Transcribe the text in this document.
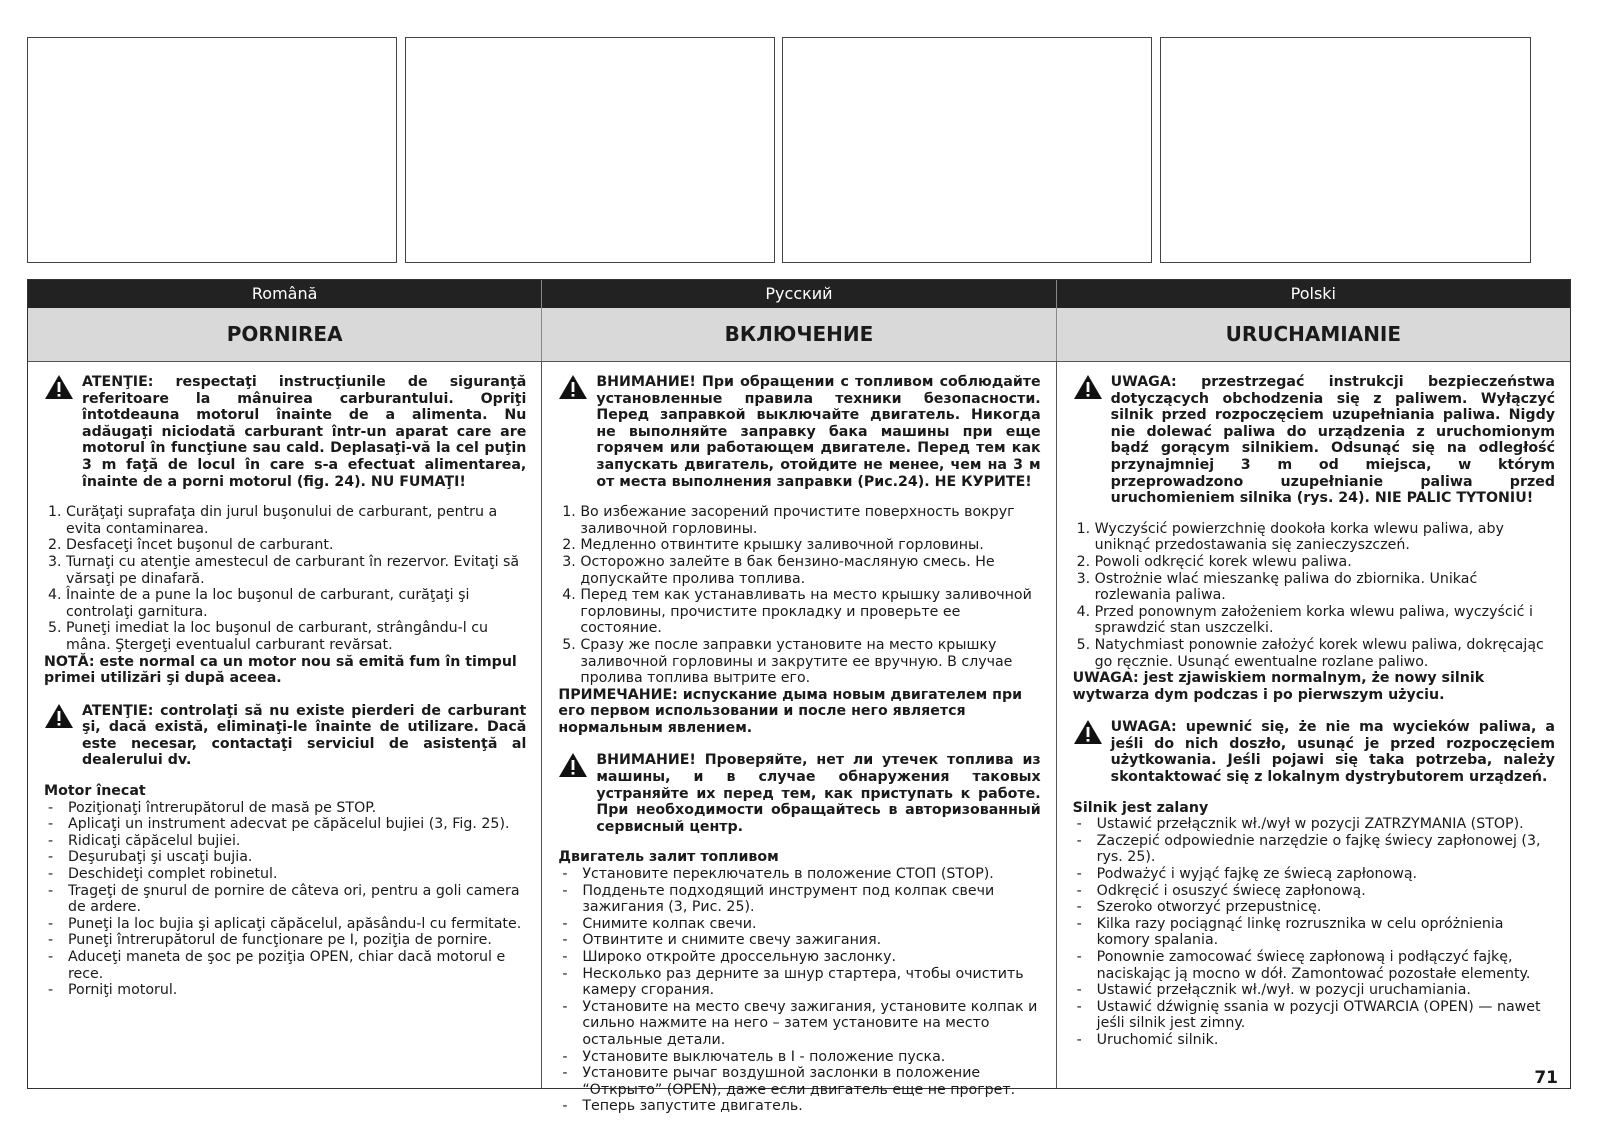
Română	Русский	Polski
PORNIREA	ВКЛЮЧЕНИЕ	URUCHAMIANIE
ATENŢIE: respectaţi instrucţiunile de siguranţă referitoare la mânuirea carburantului. Opriţi întotdeauna motorul înainte de a alimenta. Nu adăugaţi niciodată carburant într-un aparat care are motorul în funcţiune sau cald. Deplasaţi-vă la cel puţin 3 m faţă de locul în care s-a efectuat alimentarea, înainte de a porni motorul (fig. 24). NU FUMAŢI!
1. Curăţaţi suprafaţa din jurul buşonului de carburant, pentru a evita contaminarea.
2. Desfaceţi încet buşonul de carburant.
3. Turnaţi cu atenţie amestecul de carburant în rezervor. Evitaţi să vărsaţi pe dinafară.
4. Înainte de a pune la loc buşonul de carburant, curăţaţi şi controlaţi garnitura.
5. Puneţi imediat la loc buşonul de carburant, strângându-l cu mâna. Ştergeţi eventualul carburant revărsat.
NOTĂ: este normal ca un motor nou să emită fum în timpul primei utilizări şi după aceea.
ATENŢIE: controlaţi să nu existe pierderi de carburant şi, dacă există, eliminaţi-le înainte de utilizare. Dacă este necesar, contactaţi serviciul de asistenţă al dealerului dv.
Motor înecat
- Poziţionaţi întrerupătorul de masă pe STOP.
- Aplicaţi un instrument adecvat pe căpăcelul bujiei (3, Fig. 25).
- Ridicaţi căpăcelul bujiei.
- Deşurubaţi şi uscaţi bujia.
- Deschideţi complet robinetul.
- Trageţi de şnurul de pornire de câteva ori, pentru a goli camera de ardere.
- Puneţi la loc bujia şi aplicaţi căpăcelul, apăsându-l cu fermitate.
- Puneţi întrerupătorul de funcţionare pe I, poziţia de pornire.
- Aduceţi maneta de şoc pe poziţia OPEN, chiar dacă motorul e rece.
- Porniţi motorul.
ВНИМАНИЕ! При обращении с топливом соблюдайте установленные правила техники безопасности. Перед заправкой выключайте двигатель. Никогда не выполняйте заправку бака машины при еще горячем или работающем двигателе. Перед тем как запускать двигатель, отойдите не менее, чем на 3 м от места выполнения заправки (Рис.24). НЕ КУРИТЕ!
1. Во избежание засорений прочистите поверхность вокруг заливочной горловины.
2. Медленно отвинтите крышку заливочной горловины.
3. Осторожно залейте в бак бензино-масляную смесь. Не допускайте пролива топлива.
4. Перед тем как устанавливать на место крышку заливочной горловины, прочистите прокладку и проверьте ее состояние.
5. Сразу же после заправки установите на место крышку заливочной горловины и закрутите ее вручную. В случае пролива топлива вытрите его.
ПРИМЕЧАНИЕ: испускание дыма новым двигателем при его первом использовании и после него является нормальным явлением.
ВНИМАНИЕ! Проверяйте, нет ли утечек топлива из машины, и в случае обнаружения таковых устраняйте их перед тем, как приступать к работе. При необходимости обращайтесь в авторизованный сервисный центр.
Двигатель залит топливом
- Установите переключатель в положение СТОП (STOP).
- Подденьте подходящий инструмент под колпак свечи зажигания (3, Рис. 25).
- Снимите колпак свечи.
- Отвинтите и снимите свечу зажигания.
- Широко откройте дроссельную заслонку.
- Несколько раз дерните за шнур стартера, чтобы очистить камеру сгорания.
- Установите на место свечу зажигания, установите колпак и сильно нажмите на него – затем установите на место остальные детали.
- Установите выключатель в I - положение пуска.
- Установите рычаг воздушной заслонки в положение “Открыто” (OPEN), даже если двигатель еще не прогрет.
- Теперь запустите двигатель.
UWAGA: przestrzegać instrukcji bezpieczeństwa dotyczących obchodzenia się z paliwem. Wyłączyć silnik przed rozpoczęciem uzupełniania paliwa. Nigdy nie dolewać paliwa do urządzenia z uruchomionym bądź gorącym silnikiem. Odsunąć się na odległość przynajmniej 3 m od miejsca, w którym przeprowadzono uzupełnianie paliwa przed uruchomieniem silnika (rys. 24). NIE PALIC TYTONIU!
1. Wyczyścić powierzchnię dookoła korka wlewu paliwa, aby uniknąć przedostawania się zanieczyszczeń.
2. Powoli odkręcić korek wlewu paliwa.
3. Ostrożnie wlać mieszankę paliwa do zbiornika. Unikać rozlewania paliwa.
4. Przed ponownym założeniem korka wlewu paliwa, wyczyścić i sprawdzić stan uszczelki.
5. Natychmiast ponownie założyć korek wlewu paliwa, dokręcając go ręcznie. Usunąć ewentualne rozlane paliwo.
UWAGA: jest zjawiskiem normalnym, że nowy silnik wytwarza dym podczas i po pierwszym użyciu.
UWAGA: upewnić się, że nie ma wycieków paliwa, a jeśli do nich doszło, usunąć je przed rozpoczęciem użytkowania. Jeśli pojawi się taka potrzeba, należy skontaktować się z lokalnym dystrybutorem urządzeń.
Silnik jest zalany
- Ustawić przełącznik wł./wył w pozycji ZATRZYMANIA (STOP).
- Zaczepić odpowiednie narzędzie o fajkę świecy zapłonowej (3, rys. 25).
- Podważyć i wyjąć fajkę ze świecą zapłonową.
- Odkręcić i osuszyć świecę zapłonową.
- Szeroko otworzyć przepustnicę.
- Kilka razy pociągnąć linkę rozrusznika w celu opróżnienia komory spalania.
- Ponownie zamocować świecę zapłonową i podłączyć fajkę, naciskając ją mocno w dół. Zamontować pozostałe elementy.
- Ustawić przełącznik wł./wył. w pozycji uruchamiania.
- Ustawić dźwignię ssania w pozycji OTWARCIA (OPEN) — nawet jeśli silnik jest zimny.
- Uruchomić silnik.
71
